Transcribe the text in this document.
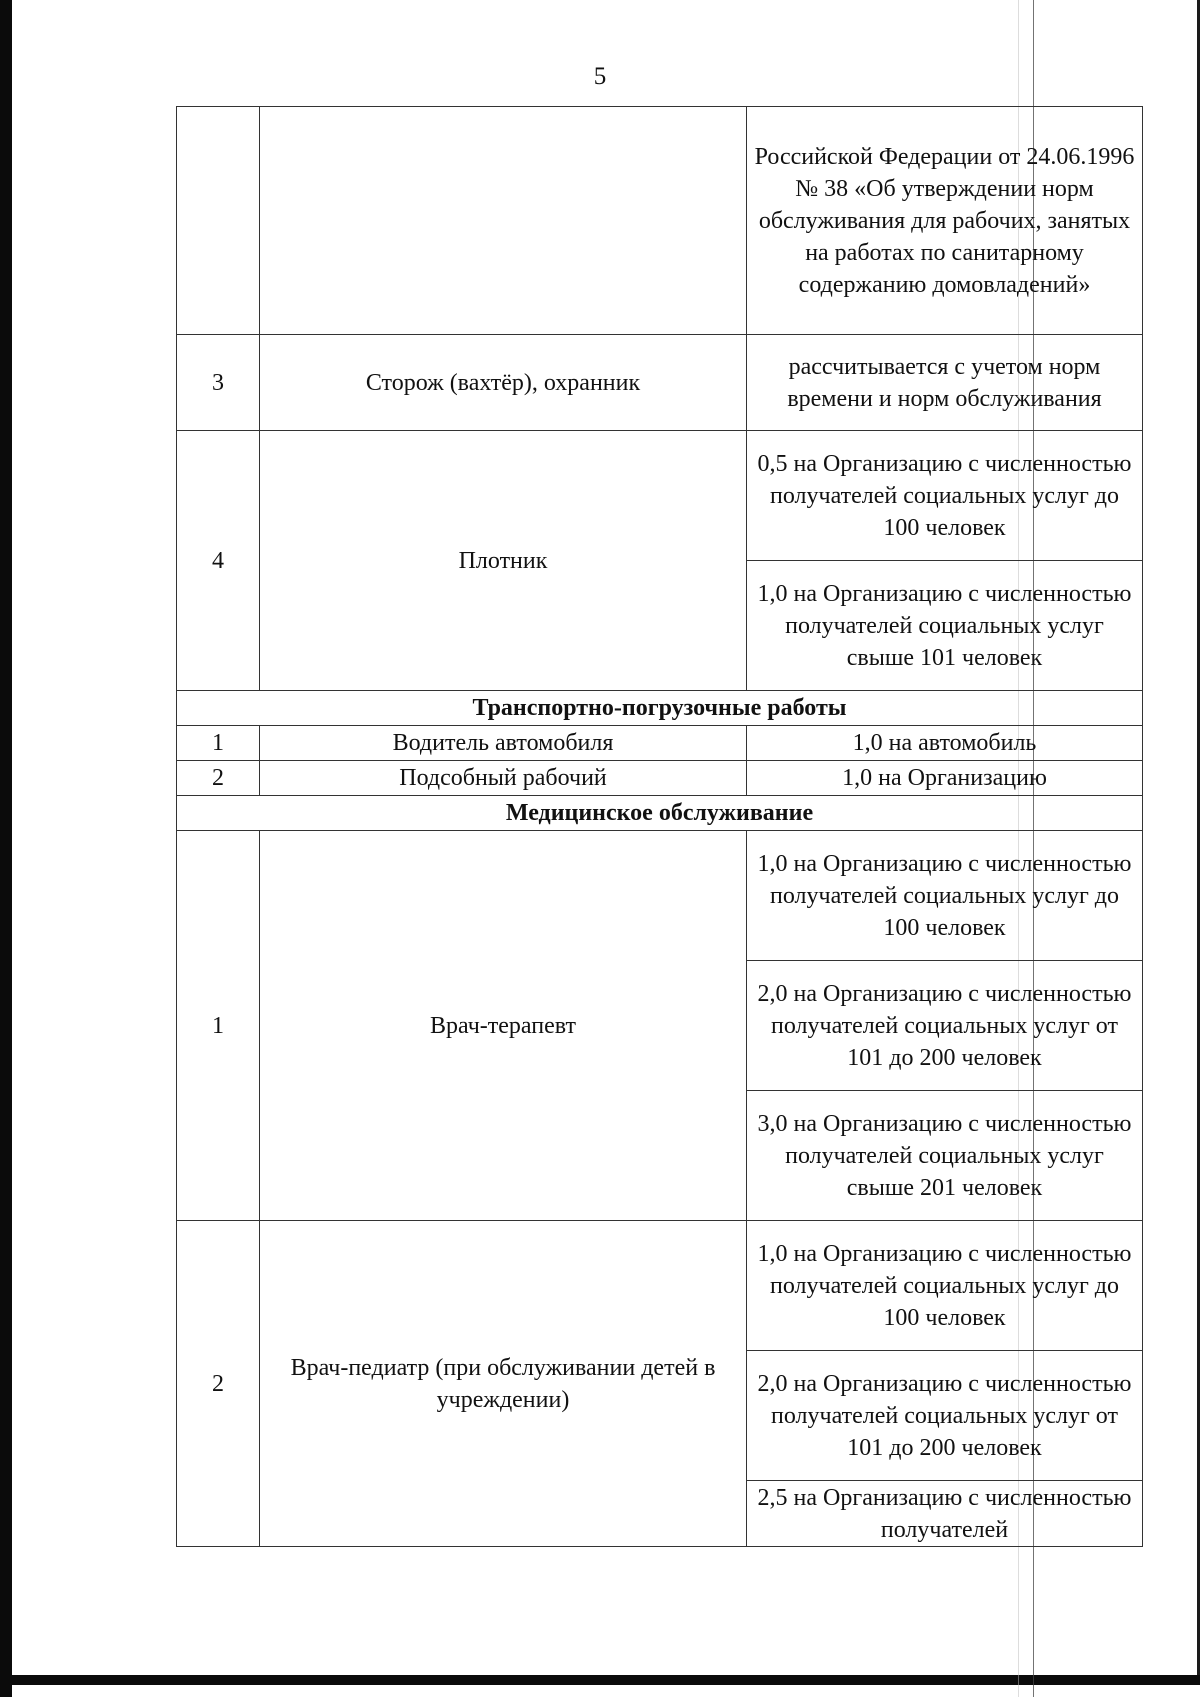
5
		Российской Федерации от 24.06.1996 № 38 «Об утверждении норм обслуживания для рабочих, занятых на работах по санитарному содержанию домовладений»
3	Сторож (вахтёр), охранник	рассчитывается с учетом норм времени и норм обслуживания
4	Плотник	0,5 на Организацию с численностью получателей социальных услуг до 100 человек
		1,0 на Организацию с численностью получателей социальных услуг свыше 101 человек
Транспортно-погрузочные работы		
1	Водитель автомобиля	1,0 на автомобиль
2	Подсобный рабочий	1,0 на Организацию
Медицинское обслуживание		
1	Врач-терапевт	1,0 на Организацию с численностью получателей социальных услуг до 100 человек
		2,0 на Организацию с численностью получателей социальных услуг от 101 до 200 человек
		3,0 на Организацию с численностью получателей социальных услуг свыше 201 человек
2	Врач-педиатр (при обслуживании детей в учреждении)	1,0 на Организацию с численностью получателей социальных услуг до 100 человек
		2,0 на Организацию с численностью получателей социальных услуг от 101 до 200 человек
		2,5 на Организацию с численностью получателей
